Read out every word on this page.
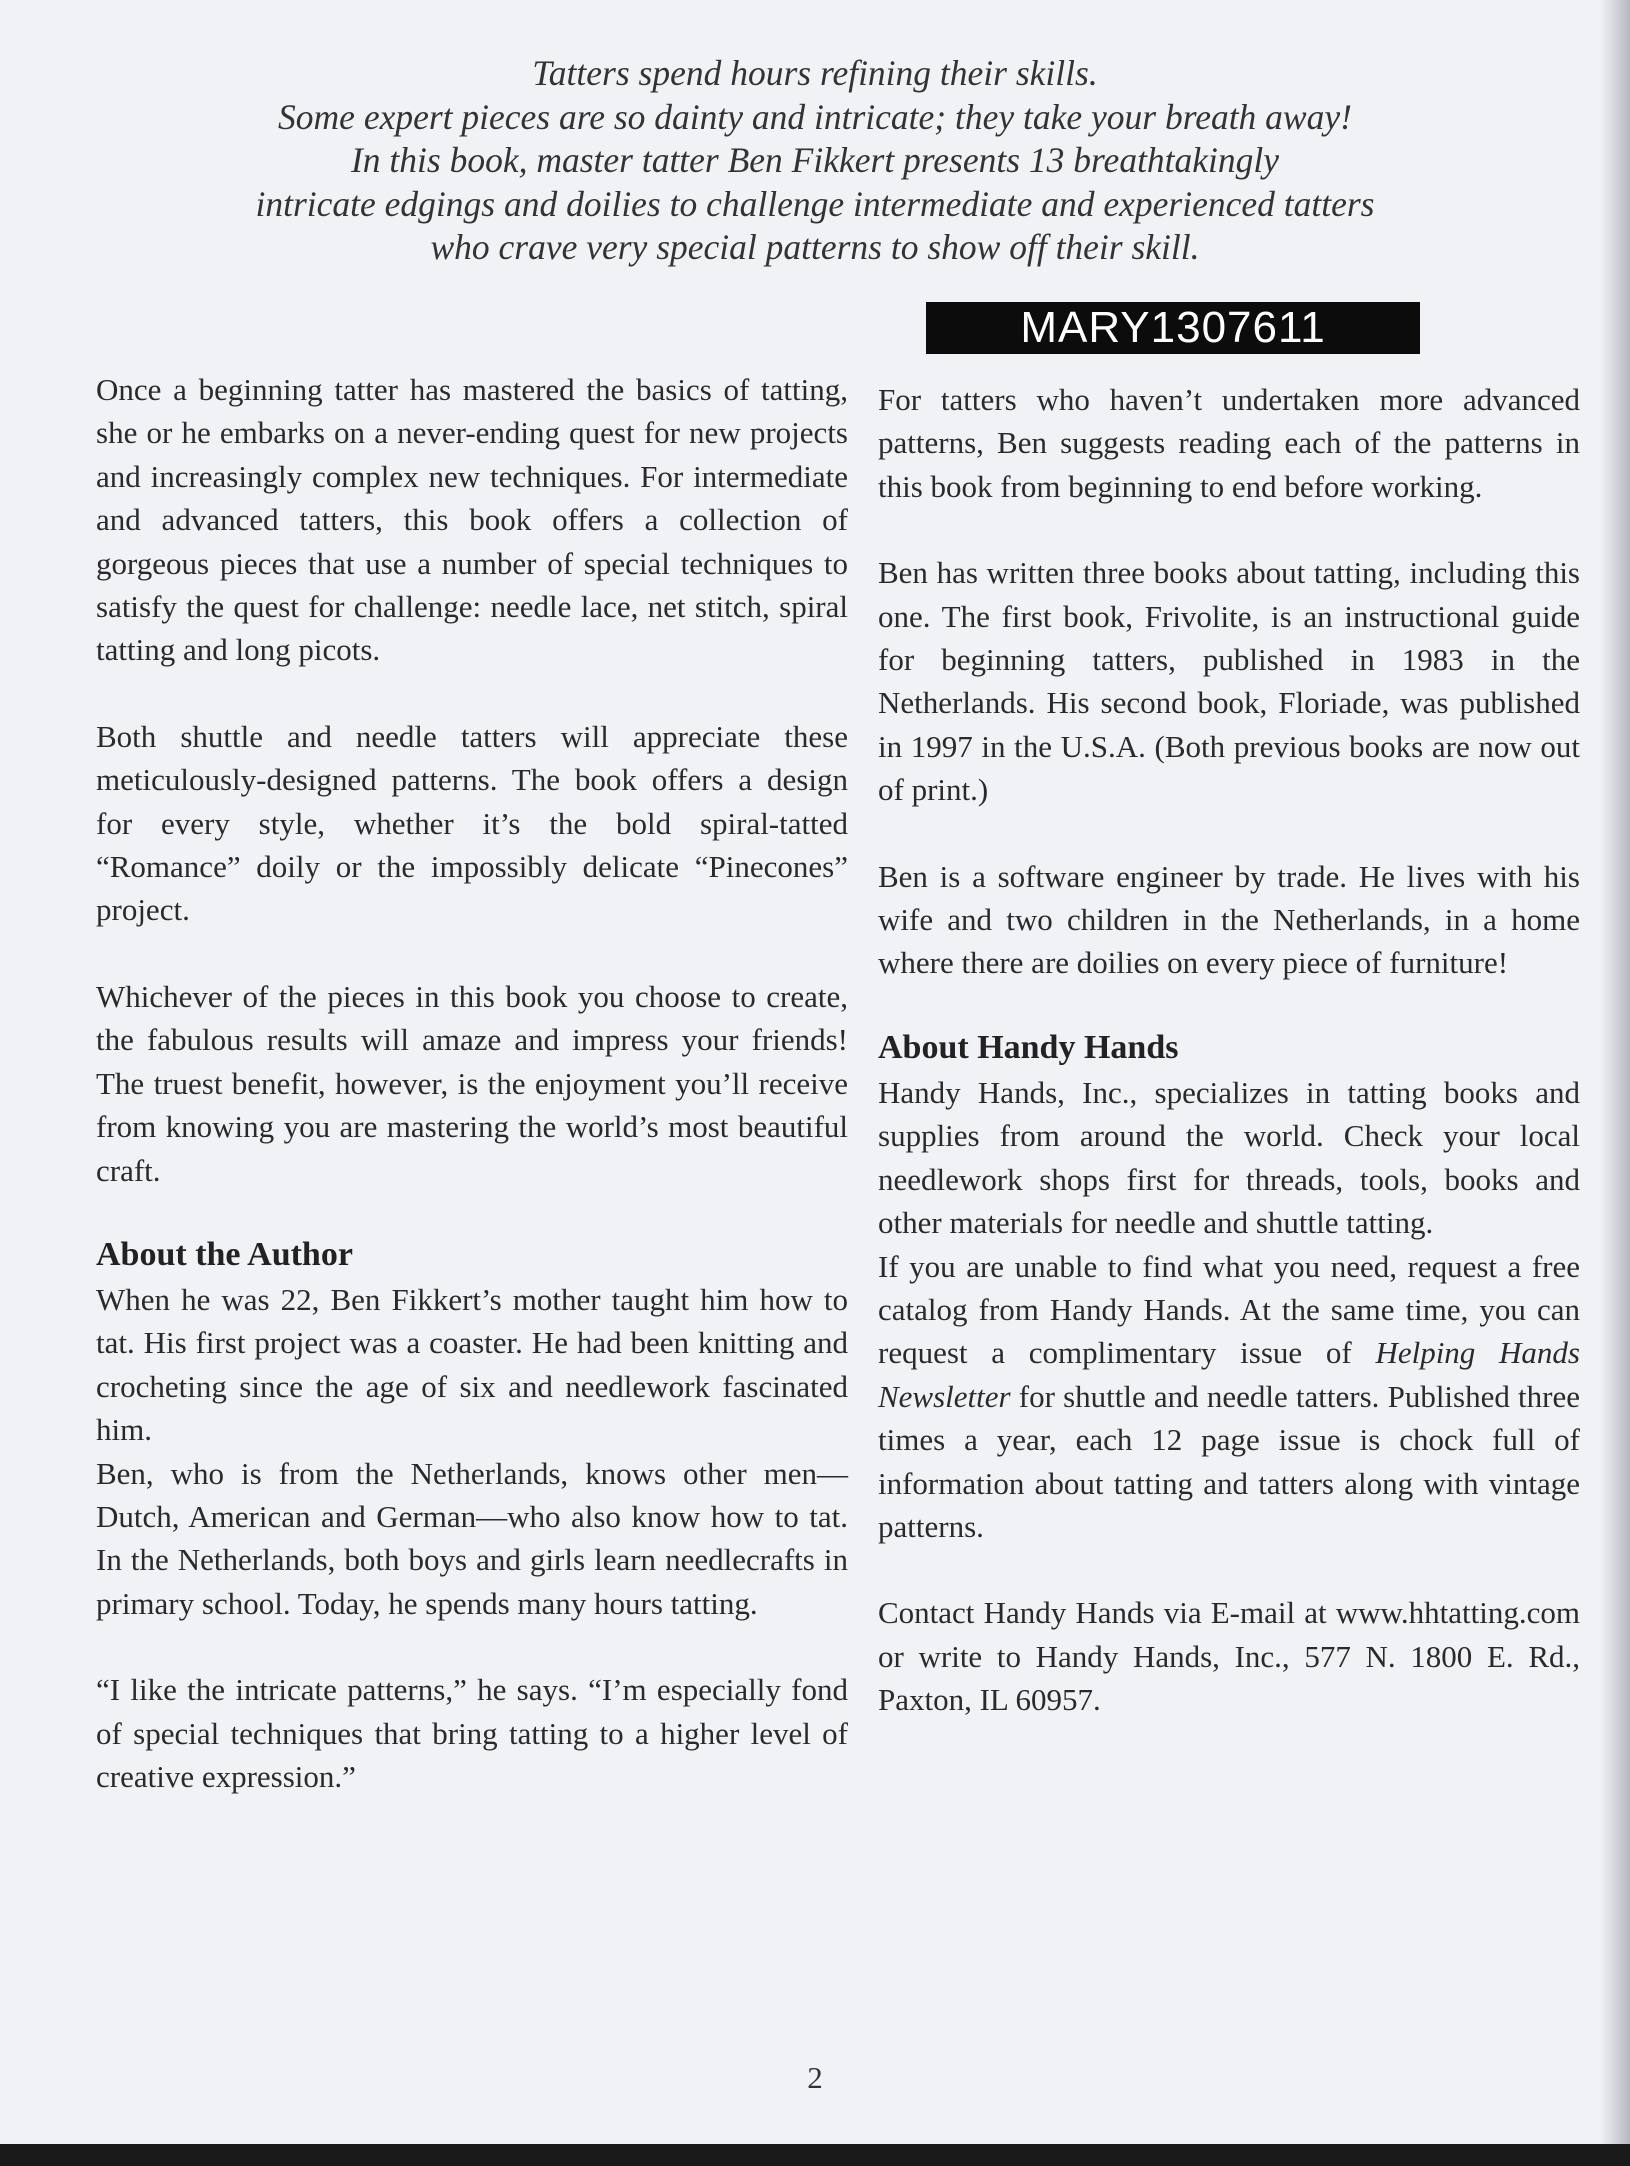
Tatters spend hours refining their skills.
Some expert pieces are so dainty and intricate; they take your breath away!
In this book, master tatter Ben Fikkert presents 13 breathtakingly
intricate edgings and doilies to challenge intermediate and experienced tatters
who crave very special patterns to show off their skill.
MARY1307611

Once a beginning tatter has mastered the basics of tatting, she or he embarks on a never-ending quest for new projects and increasingly complex new techniques. For intermediate and advanced tatters, this book offers a collection of gorgeous pieces that use a number of special techniques to satisfy the quest for challenge: needle lace, net stitch, spiral tatting and long picots.

Both shuttle and needle tatters will appreciate these meticulously-designed patterns. The book offers a design for every style, whether it’s the bold spiral-tatted “Romance” doily or the impossibly delicate “Pinecones” project.

Whichever of the pieces in this book you choose to create, the fabulous results will amaze and impress your friends! The truest benefit, however, is the enjoyment you’ll receive from knowing you are mastering the world’s most beautiful craft.

About the Author

When he was 22, Ben Fikkert’s mother taught him how to tat. His first project was a coaster. He had been knitting and crocheting since the age of six and needlework fascinated him.

Ben, who is from the Netherlands, knows other men—Dutch, American and German—who also know how to tat. In the Netherlands, both boys and girls learn needlecrafts in primary school. Today, he spends many hours tatting.

“I like the intricate patterns,” he says. “I’m especially fond of special techniques that bring tatting to a higher level of creative expression.”

For tatters who haven’t undertaken more advanced patterns, Ben suggests reading each of the patterns in this book from beginning to end before working.

Ben has written three books about tatting, including this one. The first book, Frivolite, is an instructional guide for beginning tatters, published in 1983 in the Netherlands. His second book, Floriade, was published in 1997 in the U.S.A. (Both previous books are now out of print.)

Ben is a software engineer by trade. He lives with his wife and two children in the Netherlands, in a home where there are doilies on every piece of furniture!

About Handy Hands

Handy Hands, Inc., specializes in tatting books and supplies from around the world. Check your local needlework shops first for threads, tools, books and other materials for needle and shuttle tatting.

If you are unable to find what you need, request a free catalog from Handy Hands. At the same time, you can request a complimentary issue of Helping Hands Newsletter for shuttle and needle tatters. Published three times a year, each 12 page issue is chock full of information about tatting and tatters along with vintage patterns.

Contact Handy Hands via E-mail at www.hhtatting.com or write to Handy Hands, Inc., 577 N. 1800 E. Rd., Paxton, IL 60957.

2
